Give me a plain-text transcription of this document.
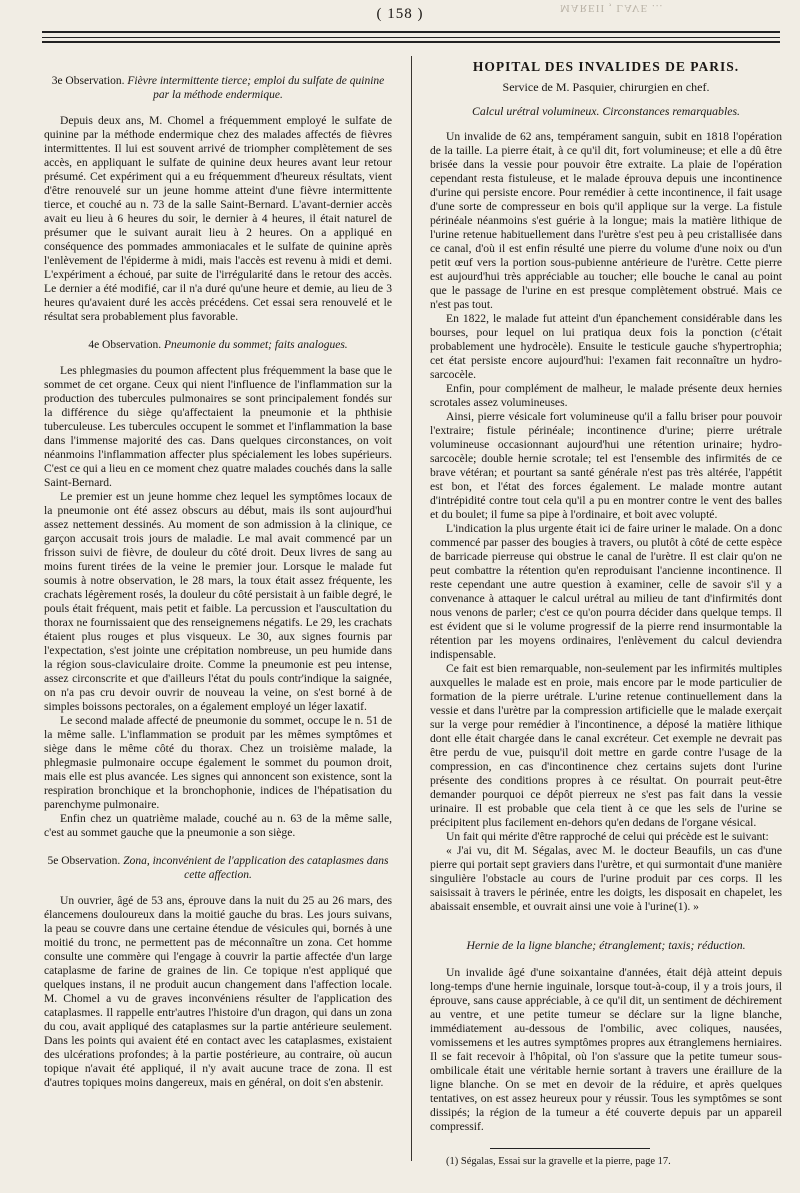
MAREII , LAVE ...
( 158 )
3e Observation. Fièvre intermittente tierce; emploi du sulfate de quinine par la méthode endermique.

Depuis deux ans, M. Chomel a fréquemment employé le sulfate de quinine par la méthode endermique chez des malades affectés de fièvres intermittentes. Il lui est souvent arrivé de triompher complètement de ses accès, en appliquant le sulfate de quinine deux heures avant leur retour présumé. Cet expériment qui a eu fréquemment d'heureux résultats, vient d'être renouvelé sur un jeune homme atteint d'une fièvre intermittente tierce, et couché au n. 73 de la salle Saint-Bernard. L'avant-dernier accès avait eu lieu à 6 heures du soir, le dernier à 4 heures, il était naturel de présumer que le suivant aurait lieu à 2 heures. On a appliqué en conséquence des pommades ammoniacales et le sulfate de quinine après l'enlèvement de l'épiderme à midi, mais l'accès est revenu à midi et demi. L'expériment a échoué, par suite de l'irrégularité dans le retour des accès. Le dernier a été modifié, car il n'a duré qu'une heure et demie, au lieu de 3 heures qu'avaient duré les accès précédens. Cet essai sera renouvelé et le résultat sera probablement plus favorable.

4e Observation. Pneumonie du sommet; faits analogues.

Les phlegmasies du poumon affectent plus fréquemment la base que le sommet de cet organe. Ceux qui nient l'influence de l'inflammation sur la production des tubercules pulmonaires se sont principalement fondés sur la différence du siège qu'affectaient la pneumonie et la phthisie tuberculeuse. Les tubercules occupent le sommet et l'inflammation la base dans l'immense majorité des cas. Dans quelques circonstances, on voit néanmoins l'inflammation affecter plus spécialement les lobes supérieurs. C'est ce qui a lieu en ce moment chez quatre malades couchés dans la salle Saint-Bernard.

Le premier est un jeune homme chez lequel les symptômes locaux de la pneumonie ont été assez obscurs au début, mais ils sont aujourd'hui assez nettement dessinés. Au moment de son admission à la clinique, ce garçon accusait trois jours de maladie. Le mal avait commencé par un frisson suivi de fièvre, de douleur du côté droit. Deux livres de sang au moins furent tirées de la veine le premier jour. Lorsque le malade fut soumis à notre observation, le 28 mars, la toux était assez fréquente, les crachats légèrement rosés, la douleur du côté persistait à un faible degré, le pouls était fréquent, mais petit et faible. La percussion et l'auscultation du thorax ne fournissaient que des renseignemens négatifs. Le 29, les crachats étaient plus rouges et plus visqueux. Le 30, aux signes fournis par l'expectation, s'est jointe une crépitation nombreuse, un peu humide dans la région sous-claviculaire droite. Comme la pneumonie est peu intense, assez circonscrite et que d'ailleurs l'état du pouls contr'indique la saignée, on n'a pas cru devoir ouvrir de nouveau la veine, on s'est borné à de simples boissons pectorales, on a également employé un léger laxatif.

Le second malade affecté de pneumonie du sommet, occupe le n. 51 de la même salle. L'inflammation se produit par les mêmes symptômes et siège dans le même côté du thorax. Chez un troisième malade, la phlegmasie pulmonaire occupe également le sommet du poumon droit, mais elle est plus avancée. Les signes qui annoncent son existence, sont la respiration bronchique et la bronchophonie, indices de l'hépatisation du parenchyme pulmonaire.

Enfin chez un quatrième malade, couché au n. 63 de la même salle, c'est au sommet gauche que la pneumonie a son siège.

5e Observation. Zona, inconvénient de l'application des cataplasmes dans cette affection.

Un ouvrier, âgé de 53 ans, éprouve dans la nuit du 25 au 26 mars, des élancemens douloureux dans la moitié gauche du bras. Les jours suivans, la peau se couvre dans une certaine étendue de vésicules qui, bornés à une moitié du tronc, ne permettent pas de méconnaître un zona. Cet homme consulte une commère qui l'engage à couvrir la partie affectée d'un large cataplasme de farine de graines de lin. Ce topique n'est appliqué que quelques instans, il ne produit aucun changement dans l'affection locale. M. Chomel a vu de graves inconvéniens résulter de l'application des cataplasmes. Il rappelle entr'autres l'histoire d'un dragon, qui dans un zona du cou, avait appliqué des cataplasmes sur la partie antérieure seulement. Dans les points qui avaient été en contact avec les cataplasmes, existaient des ulcérations profondes; à la partie postérieure, au contraire, où aucun topique n'avait été appliqué, il n'y avait aucune trace de zona. Il est d'autres topiques moins dangereux, mais en général, on doit s'en abstenir.

HOPITAL DES INVALIDES DE PARIS.
Service de M. Pasquier, chirurgien en chef.
Calcul urétral volumineux. Circonstances remarquables.

Un invalide de 62 ans, tempérament sanguin, subit en 1818 l'opération de la taille. La pierre était, à ce qu'il dit, fort volumineuse; et elle a dû être brisée dans la vessie pour pouvoir être extraite. La plaie de l'opération cependant resta fistuleuse, et le malade éprouva depuis une incontinence d'urine qui persiste encore. Pour remédier à cette incontinence, il fait usage d'une sorte de compresseur en bois qu'il applique sur la verge. La fistule périnéale néanmoins s'est guérie à la longue; mais la matière lithique de l'urine retenue habituellement dans l'urètre s'est peu à peu cristallisée dans ce canal, d'où il est enfin résulté une pierre du volume d'une noix ou d'un petit œuf vers la portion sous-pubienne antérieure de l'urètre. Cette pierre est aujourd'hui très appréciable au toucher; elle bouche le canal au point que le passage de l'urine en est presque complètement obstrué. Mais ce n'est pas tout.

En 1822, le malade fut atteint d'un épanchement considérable dans les bourses, pour lequel on lui pratiqua deux fois la ponction (c'était probablement une hydrocèle). Ensuite le testicule gauche s'hypertrophia; cet état persiste encore aujourd'hui: l'examen fait reconnaître un hydro-sarcocèle.

Enfin, pour complément de malheur, le malade présente deux hernies scrotales assez volumineuses.

Ainsi, pierre vésicale fort volumineuse qu'il a fallu briser pour pouvoir l'extraire; fistule périnéale; incontinence d'urine; pierre urétrale volumineuse occasionnant aujourd'hui une rétention urinaire; hydro-sarcocèle; double hernie scrotale; tel est l'ensemble des infirmités de ce brave vétéran; et pourtant sa santé générale n'est pas très altérée, l'appétit est bon, et l'état des forces également. Le malade montre autant d'intrépidité contre tout cela qu'il a pu en montrer contre le vent des balles et du boulet; il fume sa pipe à l'ordinaire, et boit avec volupté.

L'indication la plus urgente était ici de faire uriner le malade. On a donc commencé par passer des bougies à travers, ou plutôt à côté de cette espèce de barricade pierreuse qui obstrue le canal de l'urètre. Il est clair qu'on ne peut combattre la rétention qu'en reproduisant l'ancienne incontinence. Il reste cependant une autre question à examiner, celle de savoir s'il y a convenance à attaquer le calcul urétral au milieu de tant d'infirmités dont nous venons de parler; c'est ce qu'on pourra décider dans quelque temps. Il est évident que si le volume progressif de la pierre rend insurmontable la rétention par les moyens ordinaires, l'enlèvement du calcul deviendra indispensable.

Ce fait est bien remarquable, non-seulement par les infirmités multiples auxquelles le malade est en proie, mais encore par le mode particulier de formation de la pierre urétrale. L'urine retenue continuellement dans la vessie et dans l'urètre par la compression artificielle que le malade exerçait sur la verge pour remédier à l'incontinence, a déposé la matière lithique dont elle était chargée dans le canal excréteur. Cet exemple ne devrait pas être perdu de vue, puisqu'il doit mettre en garde contre l'usage de la compression, en cas d'incontinence chez certains sujets dont l'urine présente des conditions propres à ce résultat. On pourrait peut-être demander pourquoi ce dépôt pierreux ne s'est pas fait dans la vessie urinaire. Il est probable que cela tient à ce que les sels de l'urine se précipitent plus facilement en-dehors qu'en dedans de l'organe vésical.

Un fait qui mérite d'être rapproché de celui qui précède est le suivant:

« J'ai vu, dit M. Ségalas, avec M. le docteur Beaufils, un cas d'une pierre qui portait sept graviers dans l'urètre, et qui surmontait d'une manière singulière l'obstacle au cours de l'urine produit par ces corps. Il les saisissait à travers le périnée, entre les doigts, les disposait en chapelet, les abaissait ensemble, et ouvrait ainsi une voie à l'urine(1). »

Hernie de la ligne blanche; étranglement; taxis; réduction.

Un invalide âgé d'une soixantaine d'années, était déjà atteint depuis long-temps d'une hernie inguinale, lorsque tout-à-coup, il y a trois jours, il éprouve, sans cause appréciable, à ce qu'il dit, un sentiment de déchirement au ventre, et une petite tumeur se déclare sur la ligne blanche, immédiatement au-dessous de l'ombilic, avec coliques, nausées, vomissemens et les autres symptômes propres aux étranglemens herniaires. Il se fait recevoir à l'hôpital, où l'on s'assure que la petite tumeur sous-ombilicale était une véritable hernie sortant à travers une éraillure de la ligne blanche. On se met en devoir de la réduire, et après quelques tentatives, on est assez heureux pour y réussir. Tous les symptômes se sont dissipés; la région de la tumeur a été couverte depuis par un appareil compressif.

(1) Ségalas, Essai sur la gravelle et la pierre, page 17.
